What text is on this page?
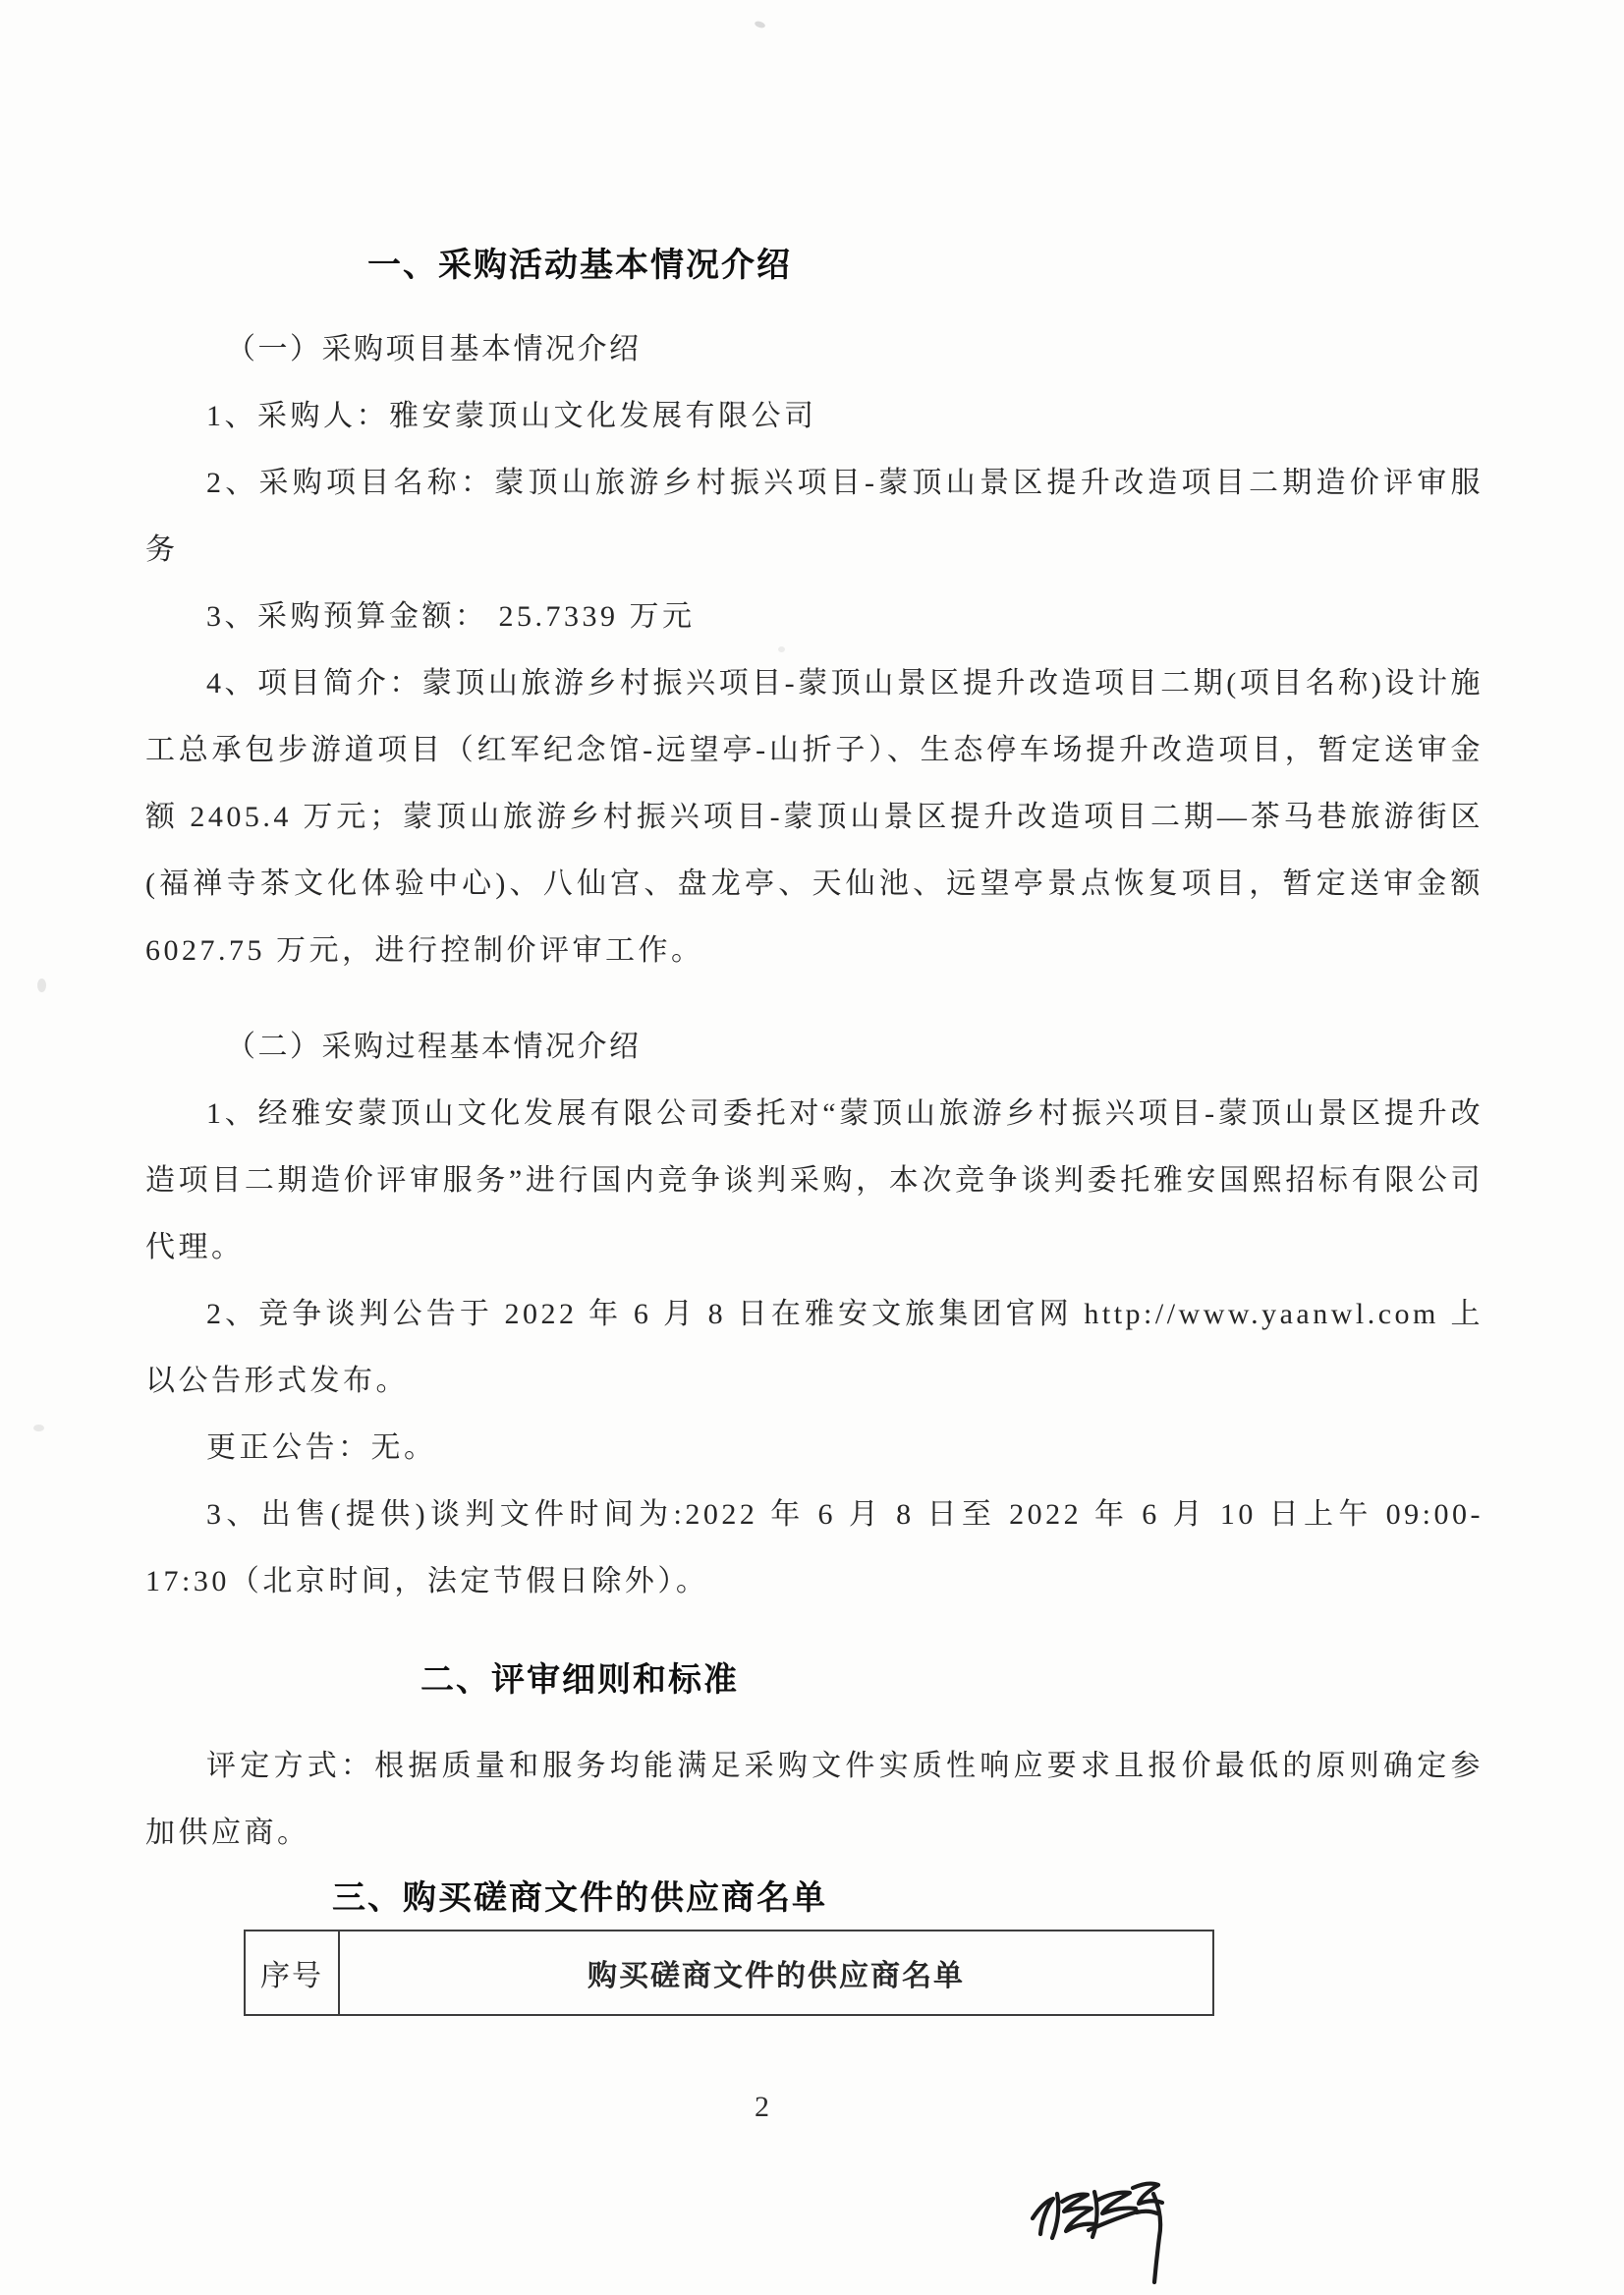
一、采购活动基本情况介绍

（一）采购项目基本情况介绍

1、采购人：雅安蒙顶山文化发展有限公司

2、采购项目名称：蒙顶山旅游乡村振兴项目-蒙顶山景区提升改造项目二期造价评审服务

3、采购预算金额： 25.7339 万元

4、项目简介：蒙顶山旅游乡村振兴项目-蒙顶山景区提升改造项目二期(项目名称)设计施工总承包步游道项目（红军纪念馆-远望亭-山折子）、生态停车场提升改造项目，暂定送审金额 2405.4 万元；蒙顶山旅游乡村振兴项目-蒙顶山景区提升改造项目二期—茶马巷旅游街区(福禅寺茶文化体验中心)、八仙宫、盘龙亭、天仙池、远望亭景点恢复项目，暂定送审金额 6027.75 万元，进行控制价评审工作。

（二）采购过程基本情况介绍

1、经雅安蒙顶山文化发展有限公司委托对“蒙顶山旅游乡村振兴项目-蒙顶山景区提升改造项目二期造价评审服务”进行国内竞争谈判采购，本次竞争谈判委托雅安国熙招标有限公司代理。

2、竞争谈判公告于 2022 年 6 月 8 日在雅安文旅集团官网 http://www.yaanwl.com 上以公告形式发布。

更正公告：无。

3、出售(提供)谈判文件时间为:2022 年 6 月 8 日至 2022 年 6 月 10 日上午 09:00- 17:30（北京时间，法定节假日除外）。

二、评审细则和标准

评定方式：根据质量和服务均能满足采购文件实质性响应要求且报价最低的原则确定参加供应商。

三、购买磋商文件的供应商名单
序号	购买磋商文件的供应商名单
2
